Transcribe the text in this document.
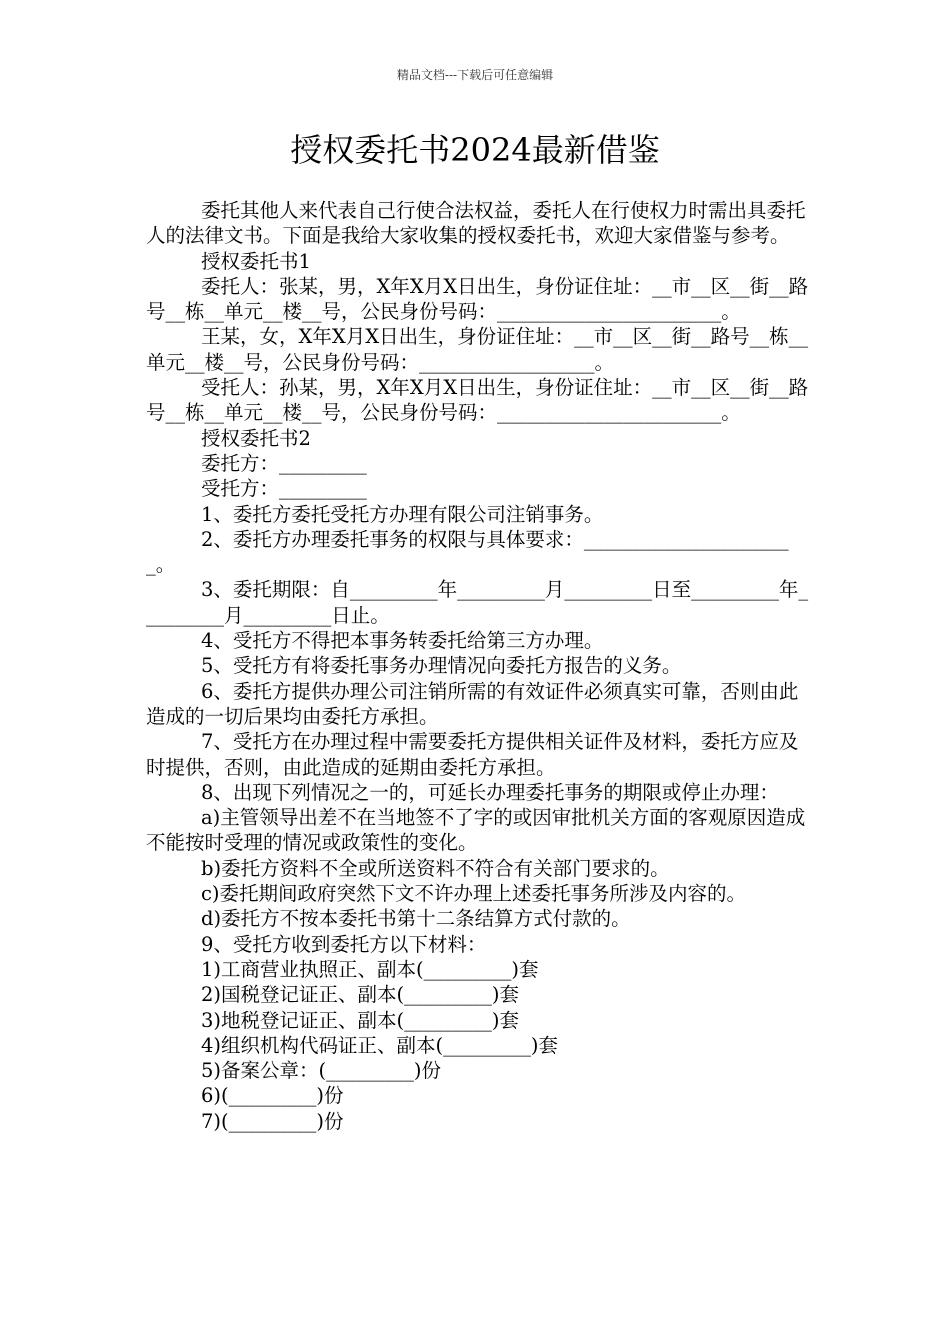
精品文档---下载后可任意编辑
授权委托书2024最新借鉴

委托其他人来代表自己行使合法权益，委托人在行使权力时需出具委托人的法律文书。下面是我给大家收集的授权委托书，欢迎大家借鉴与参考。

授权委托书1

委托人：张某，男，X年X月X日出生，身份证住址：__市__区__街__路号__栋__单元__楼__号，公民身份号码：_______________________。

王某，女，X年X月X日出生，身份证住址：__市__区__街__路号__栋__单元__楼__号，公民身份号码：__________________。

受托人：孙某，男，X年X月X日出生，身份证住址：__市__区__街__路号__栋__单元__楼__号，公民身份号码：_______________________。

授权委托书2

委托方：_________

受托方：_________

1、委托方委托受托方办理有限公司注销事务。

2、委托方办理委托事务的权限与具体要求：______________________。

3、委托期限：自_________年_________月_________日至_________年_________月_________日止。

4、受托方不得把本事务转委托给第三方办理。

5、受托方有将委托事务办理情况向委托方报告的义务。

6、委托方提供办理公司注销所需的有效证件必须真实可靠，否则由此造成的一切后果均由委托方承担。

7、受托方在办理过程中需要委托方提供相关证件及材料，委托方应及时提供，否则，由此造成的延期由委托方承担。

8、出现下列情况之一的，可延长办理委托事务的期限或停止办理：

a)主管领导出差不在当地签不了字的或因审批机关方面的客观原因造成不能按时受理的情况或政策性的变化。

b)委托方资料不全或所送资料不符合有关部门要求的。

c)委托期间政府突然下文不许办理上述委托事务所涉及内容的。

d)委托方不按本委托书第十二条结算方式付款的。

9、受托方收到委托方以下材料：

1)工商营业执照正、副本(_________)套

2)国税登记证正、副本(_________)套

3)地税登记证正、副本(_________)套

4)组织机构代码证正、副本(_________)套

5)备案公章：(_________)份

6)(_________)份

7)(_________)份
